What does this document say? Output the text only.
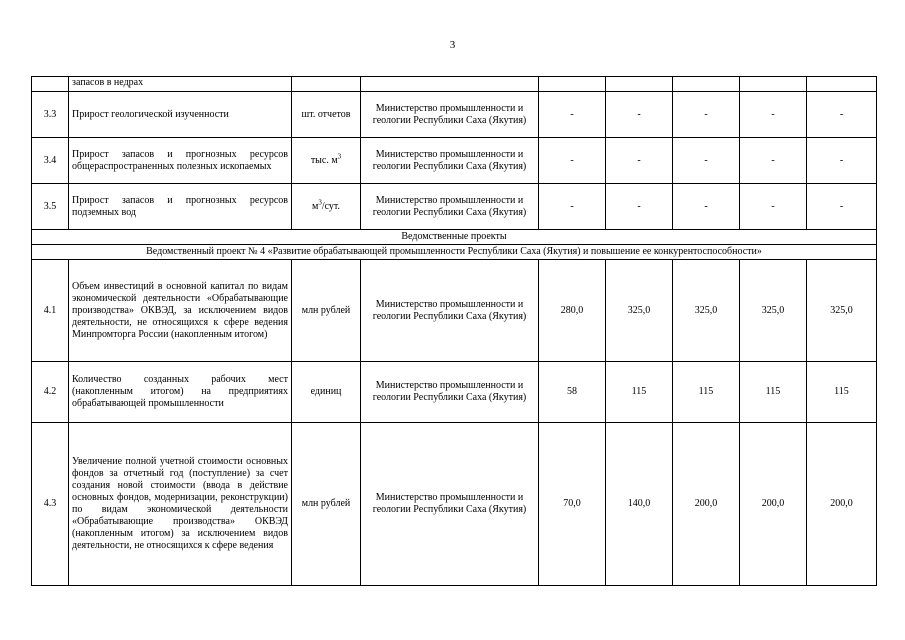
3
	запасов в недрах							
3.3	Прирост геологической изученности	шт. отчетов	Министерство промышленности и геологии Республики Саха (Якутия)	-	-	-	-	-
3.4	Прирост запасов и прогнозных ресурсов общераспространенных полезных ископаемых	тыс. $м^3$	Министерство промышленности и геологии Республики Саха (Якутия)	-	-	-	-	-
3.5	Прирост запасов и прогнозных ресурсов подземных вод	$м^3$/сут.	Министерство промышленности и геологии Республики Саха (Якутия)	-	-	-	-	-
Ведомственные проекты								
Ведомственный проект № 4 «Развитие обрабатывающей промышленности Республики Саха (Якутия) и повышение ее конкурентоспособности»								
4.1	Объем инвестиций в основной капитал по видам экономической деятельности «Обрабатывающие производства» ОКВЭД, за исключением видов деятельности, не относящихся к сфере ведения Минпромторга России (накопленным итогом)	млн рублей	Министерство промышленности и геологии Республики Саха (Якутия)	280,0	325,0	325,0	325,0	325,0
4.2	Количество созданных рабочих мест (накопленным итогом) на предприятиях обрабатывающей промышленности	единиц	Министерство промышленности и геологии Республики Саха (Якутия)	58	115	115	115	115
4.3	Увеличение полной учетной стоимости основных фондов за отчетный год (поступление) за счет создания новой стоимости (ввода в действие основных фондов, модернизации, реконструкции) по видам экономической деятельности «Обрабатывающие производства» ОКВЭД (накопленным итогом) за исключением видов деятельности, не относящихся к сфере ведения	млн рублей	Министерство промышленности и геологии Республики Саха (Якутия)	70,0	140,0	200,0	200,0	200,0
